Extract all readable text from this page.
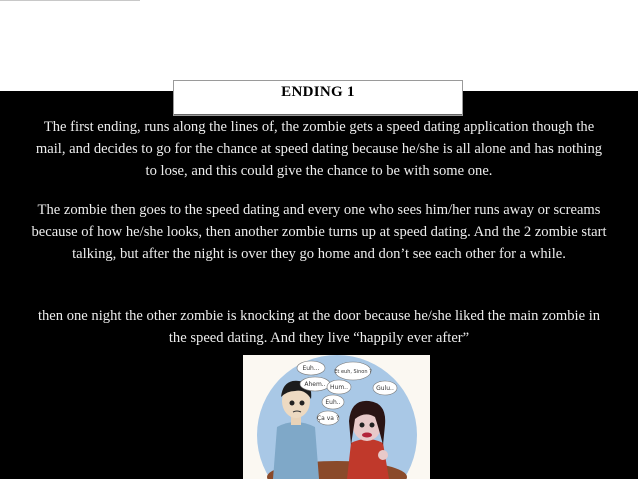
ENDING 1

The first ending, runs along the lines of, the zombie gets a speed dating application though the mail, and decides to go for the chance at speed dating because he/she is all alone and has nothing to lose, and this could give the chance to be with some one.

The zombie then goes to the speed dating and every one who sees him/her runs away or screams because of how he/she looks, then another zombie turns up at speed dating. And the 2 zombie start talking, but after the night is over they go home and don’t see each other for a while.

then one night the other zombie is knocking at the door because he/she liked the main zombie in the speed dating. And they live “happily ever after”

Euh...
Ahem..
Et euh, Sinon ?
Hum..
Euh..
Ça va ?
Gulu..
